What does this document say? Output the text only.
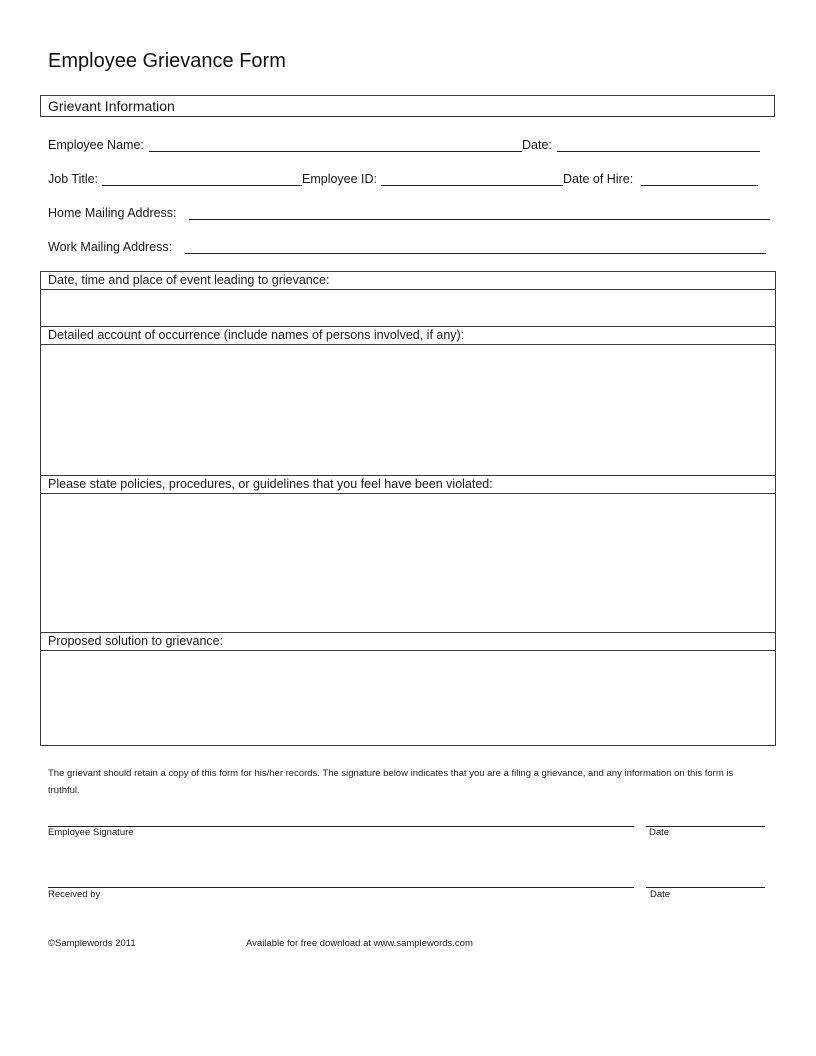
Employee Grievance Form
Grievant Information
Employee Name:	Date:
Job Title:	Employee ID:	Date of Hire:
Home Mailing Address:
Work Mailing Address:
Date, time and place of event leading to grievance:
Detailed account of occurrence (include names of persons involved, if any):
Please state policies, procedures, or guidelines that you feel have been violated:
Proposed solution to grievance:
The grievant should retain a copy of this form for his/her records. The signature below indicates that you are a filing a grievance, and any information on this form is truthful.
Employee Signature	Date
Received by	Date
©Samplewords 2011	Available for free download at www.samplewords.com
